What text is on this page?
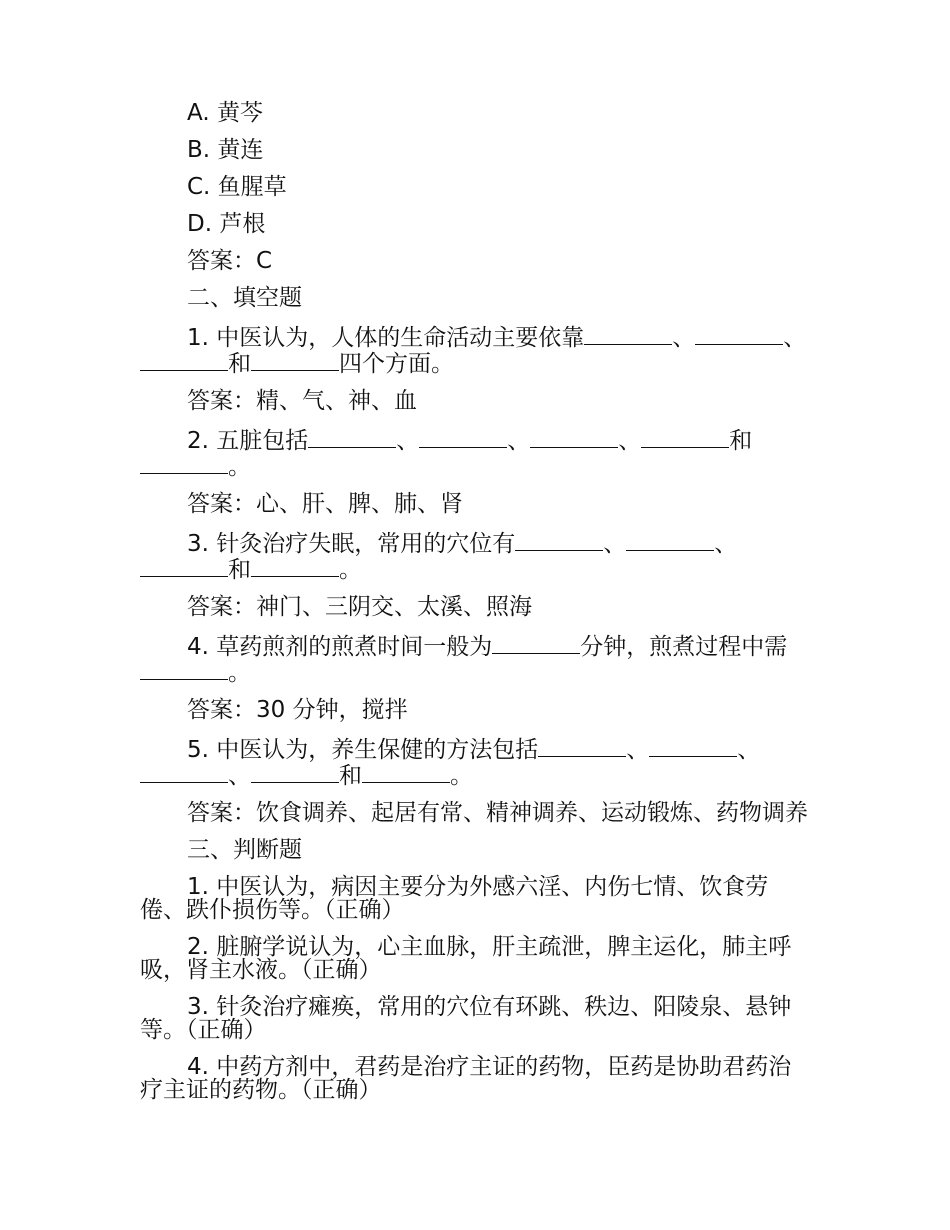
A. 黄芩

B. 黄连

C. 鱼腥草

D. 芦根

答案：C

二、填空题

1. 中医认为，人体的生命活动主要依靠	、	、和	四个方面。

答案：精、气、神、血

2. 五脏包括	、	、	、	和。

答案：心、肝、脾、肺、肾

3. 针灸治疗失眠，常用的穴位有	、	、和	。

答案：神门、三阴交、太溪、照海

4. 草药煎剂的煎煮时间一般为	分钟，煎煮过程中需。

答案：30 分钟，搅拌

5. 中医认为，养生保健的方法包括	、	、、	和	。

答案：饮食调养、起居有常、精神调养、运动锻炼、药物调养

三、判断题

1. 中医认为，病因主要分为外感六淫、内伤七情、饮食劳倦、跌仆损伤等。（正确）

2. 脏腑学说认为，心主血脉，肝主疏泄，脾主运化，肺主呼吸，肾主水液。（正确）

3. 针灸治疗瘫痪，常用的穴位有环跳、秩边、阳陵泉、悬钟等。（正确）

4. 中药方剂中，君药是治疗主证的药物，臣药是协助君药治疗主证的药物。（正确）
